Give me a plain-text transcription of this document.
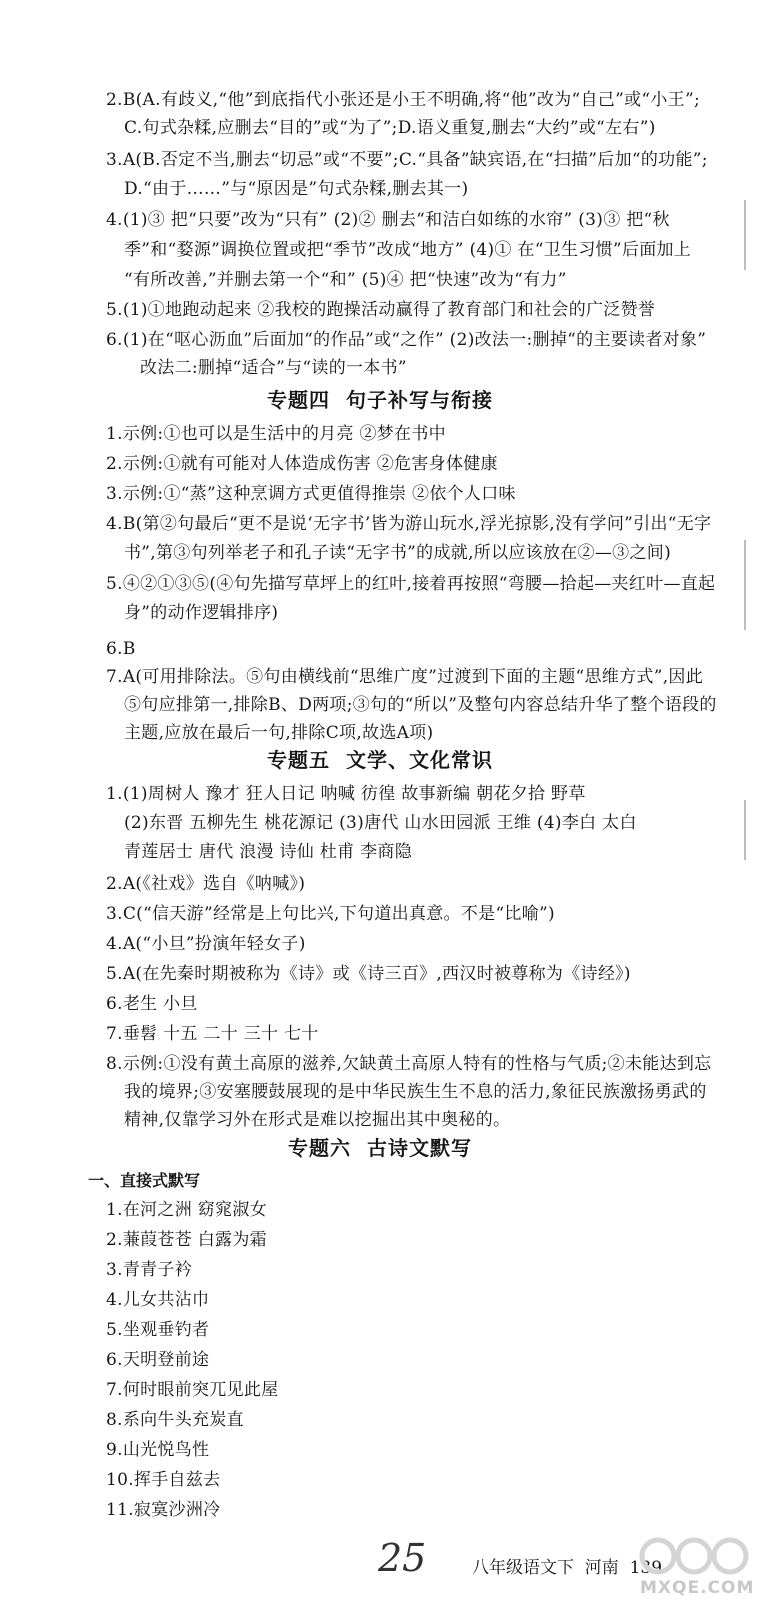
2.B(A.有歧义,“他”到底指代小张还是小王不明确,将“他”改为“自己”或“小王”;
C.句式杂糅,应删去“目的”或“为了”;D.语义重复,删去“大约”或“左右”)
3.A(B.否定不当,删去“切忌”或“不要”;C.“具备”缺宾语,在“扫描”后加“的功能”;
D.“由于……”与“原因是”句式杂糅,删去其一)
4.(1)③ 把“只要”改为“只有” (2)② 删去“和洁白如练的水帘” (3)③ 把“秋
季”和“婺源”调换位置或把“季节”改成“地方” (4)① 在“卫生习惯”后面加上
“有所改善,”并删去第一个“和” (5)④ 把“快速”改为“有力”
5.(1)①地跑动起来 ②我校的跑操活动赢得了教育部门和社会的广泛赞誉
6.(1)在“呕心沥血”后面加“的作品”或“之作” (2)改法一:删掉“的主要读者对象”
改法二:删掉“适合”与“读的一本书”
专题四  句子补写与衔接
1.示例:①也可以是生活中的月亮 ②梦在书中
2.示例:①就有可能对人体造成伤害 ②危害身体健康
3.示例:①“蒸”这种烹调方式更值得推崇 ②依个人口味
4.B(第②句最后“更不是说‘无字书’皆为游山玩水,浮光掠影,没有学问”引出“无字
书”,第③句列举老子和孔子读“无字书”的成就,所以应该放在②—③之间)
5.④②①③⑤(④句先描写草坪上的红叶,接着再按照“弯腰—拾起—夹红叶—直起
身”的动作逻辑排序)
6.B
7.A(可用排除法。⑤句由横线前“思维广度”过渡到下面的主题“思维方式”,因此
⑤句应排第一,排除B、D两项;③句的“所以”及整句内容总结升华了整个语段的
主题,应放在最后一句,排除C项,故选A项)
专题五  文学、文化常识
1.(1)周树人 豫才 狂人日记 呐喊 彷徨 故事新编 朝花夕拾 野草
(2)东晋 五柳先生 桃花源记 (3)唐代 山水田园派 王维 (4)李白 太白
青莲居士 唐代 浪漫 诗仙 杜甫 李商隐
2.A(《社戏》选自《呐喊》)
3.C(“信天游”经常是上句比兴,下句道出真意。不是“比喻”)
4.A(“小旦”扮演年轻女子)
5.A(在先秦时期被称为《诗》或《诗三百》,西汉时被尊称为《诗经》)
6.老生 小旦
7.垂髫 十五 二十 三十 七十
8.示例:①没有黄土高原的滋养,欠缺黄土高原人特有的性格与气质;②未能达到忘
我的境界;③安塞腰鼓展现的是中华民族生生不息的活力,象征民族激扬勇武的
精神,仅靠学习外在形式是难以挖掘出其中奥秘的。
专题六  古诗文默写
一、直接式默写
1.在河之洲 窈窕淑女
2.蒹葭苍苍 白露为霜
3.青青子衿
4.儿女共沾巾
5.坐观垂钓者
6.天明登前途
7.何时眼前突兀见此屋
8.系向牛头充炭直
9.山光悦鸟性
10.挥手自兹去
11.寂寞沙洲冷
25	八年级语文下  河南  139
MXQE.COM
